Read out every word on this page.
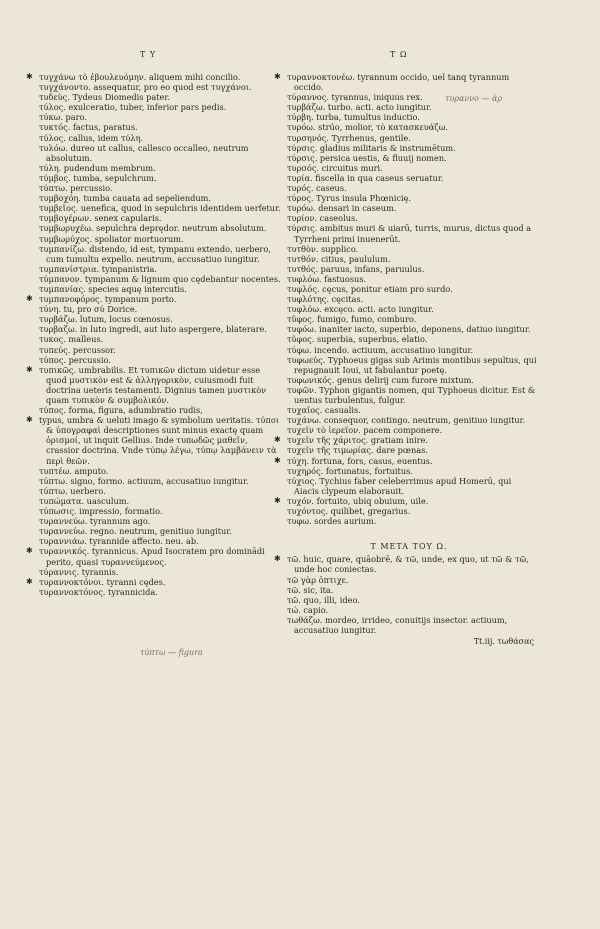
T Y	T Ω
✱ τυγχάνω τὸ ἐβουλευόμην. aliquem mihi concilio.
τυγχάνοντο. assequatur, pro eo quod est τυγχάνοι.
τυδεὺς. Tydeus Diomedis pater.
τύλος. exulceratio, tuber, inferior pars pedis.
τύκω. paro.
τυκτός. factus, paratus.
τύλος. callus, idem τύλη.
τυλόω. dureo ut callus, callesco occalleo, neutrum absolutum.
τύλη. pudendum membrum.
τύμβος. tumba, sepulchrum.
τύπτω. percussio.
τυμβοχόη. tumba cauata ad sepeliendum.
τυμβεῖος. uenefica, quod in sepulchris identidem uerfetur.
τυμβογέρων. senex capularis.
τυμβωρυχέω. sepulchra deprędor. neutrum absolutum.
τυμβωρύχος. spoliator mortuorum.
τυμπανίζω. distendo, id est, tympanu extendo, uerbero, cum tumultu expello. neutrum, accusatiuo iungitur.
τυμπανίστρια. tympanistria.
τύμπανον. tympanum & lignum quo cędebantur nocentes.
τυμπανίας. species aquę intercutis.
✱ τυμπανοφόρος. tympanum porto.
τύνη. tu, pro σύ Dorice.
τυρβάζω. lutum, locus cœnosus.
τυρβαζω. in luto ingredi, aut luto aspergere, blaterare.
τυκος. malleus.
τυπεύς. percussor.
τύπος. percussio.
✱ τυπικῶς. umbrabilis. Et τυπικῶν dictum uidetur esse quod μυστικὸν est & ἀλληγορικὸν, cuiusmodi fuit doctrina ueteris testamenti. Dignius tamen μυστικὸν quam τυπικὸν & συμβολικόν.
τύπος. forma, figura, adumbratio rudis,
✱ typus, umbra & ueluti imago & symbolum ueritatis. τύποι & ὑπογραφαὶ descriptiones sunt minus exactę quam ὁρισμοί, ut inquit Gellius. Inde τυπωδῶς μαθεῖν, crassior doctrina. Vnde τύπῳ λέγω, τύπῳ λαμβάνειν τὰ περὶ θεῶν.
τυπτέω. amputo.
τύπτω. signo, formo. actiuum, accusatiuo iungitur.
τύπτω. uerbero.
τυπώματα. uasculum.
τύπωσις. impressio, formatio.
τυραννεύω. tyrannum ago.
τυραννεύω. regno. neutrum, genitiuo iungitur.
τυραννιάω. tyrannide affecto. neu. ab.
✱ τυραννικός. tyrannicus. Apud Isocratem pro dominādi perito, quasi τυραννεύμενος.
τύραννις. tyrannis.
✱ τυραννοκτόνοι. tyranni cędes.
τυραννοκτόνος. tyrannicida.
✱ τυραννοκτονέω. tyrannum occido, uel tanq tyrannum occido.
τύραννος. tyrannus, iniquus rex.
τυρβάζω. turbo. acti. acto iungitur.
τύρβη. turba, tumultus inductio.
τυρόω. strúo, molior, τὸ κατασκευάζω.
τυρσηνός. Tyrrhenus, gentile.
τύρσις. gladius militaris & instrumētum.
τύρσις. persica uestis, & fluuij nomen.
τυρσός. circuitus muri.
τυρία. fiscella in qua caseus seruatur.
τυρός. caseus.
τύρος. Tyrus insula Phœnicię.
τυρόω. densari in caseum.
τυρίον. caseolus.
τύρσις. ambitus muri & uiarū, turris, murus, dictus quod a Tyrrheni primi inuenerūt.
τυτθὸν. supplico.
τυτθόν. citius, paululum.
τυτθός. paruus, infans, paruulus.
τυφλόω. fastuosus.
τυφλός. cęcus, ponitur etiam pro surdo.
τυφλότης. cęcitas.
τυφλόω. excęco. acti. acto iungitur.
τῦφος. fumigo, fumo, comburo.
τυφόω. inaniter iacto, superbio, deponens, datiuo iungitur.
τῦφος. superbia, superbus, elatio.
τύφω. incendo. actiuum, accusatiuo iungitur.
τυφωεύς. Typhoeus gigas sub Arimis montibus sepultus, qui repugnauit Ioui, ut fabulantur poetę.
τυφωνικός. genus delirij cum furore mixtum.
τυφῶν. Typhon gigantis nomen, qui Typhoeus dicitur. Est & uentus turbulentus, fulgur.
τυχαῖος. casualis.
τυχάνω. consequor, contingo. neutrum, genitiuo iungitur.
τυχεῖν τὸ ἱερεῖον. pacem componere.
✱ τυχεῖν τῆς χάριτος. gratiam inire.
τυχεῖν τῆς τιμωρίας. dare pœnas.
✱ τύχη. fortuna, fors, casus, euentus.
τυχηρός. fortunatus, fortuitus.
τύχιος. Tychius faber celeberrimus apud Homerū, qui Aiacis clypeum elaborauit.
✱ τυχόν. fortuito, ubiq obuium, uile.
τυχόντος. quilibet, gregarius.
τυφω. sordes aurium.
T META TOY Ω.
✱ τῶ. huic, quare, quāobrē, & τῶ, unde, ex quo, ut τῶ & τῶ, unde hoc coniectas.
τῶ γὰρ ὀπτιχε.
τῶ. sic, ita.
τῶ. quo, illi, ideo.
τώ. capio.
τωθάζω. mordeo, irrideo, conuitijs insector. actiuum, accusatiuo iungitur.
Tt.iij. τωθάσας
τυραννο — ἀρ
τύπτω — figura
